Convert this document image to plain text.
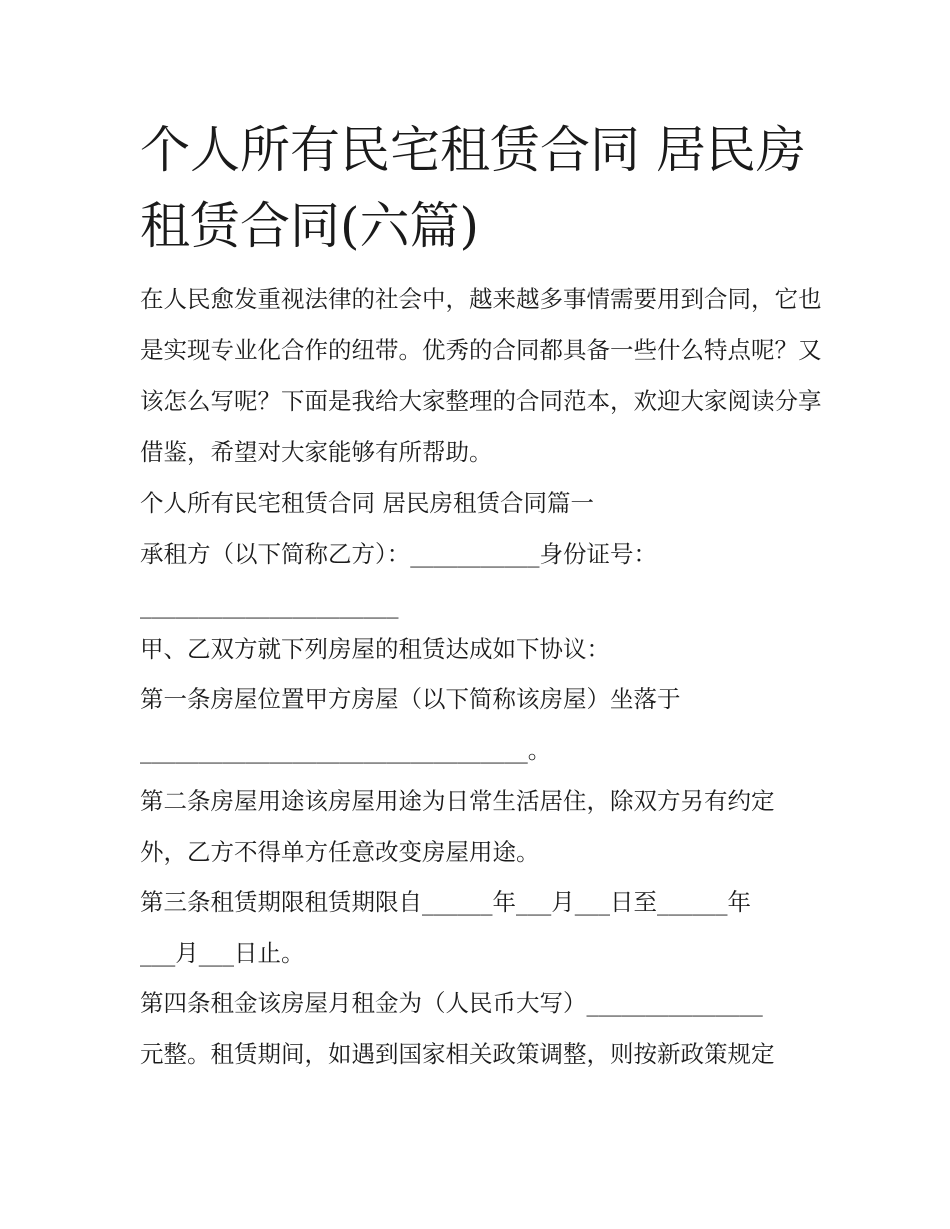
个人所有民宅租赁合同 居民房租赁合同(六篇)

在人民愈发重视法律的社会中，越来越多事情需要用到合同，它也是实现专业化合作的纽带。优秀的合同都具备一些什么特点呢？又该怎么写呢？下面是我给大家整理的合同范本，欢迎大家阅读分享借鉴，希望对大家能够有所帮助。

个人所有民宅租赁合同 居民房租赁合同篇一

承租方（以下简称乙方）：___________身份证号：

______________________

甲、乙双方就下列房屋的租赁达成如下协议：

第一条房屋位置甲方房屋（以下简称该房屋）坐落于

_________________________________。

第二条房屋用途该房屋用途为日常生活居住，除双方另有约定

外，乙方不得单方任意改变房屋用途。

第三条租赁期限租赁期限自______年___月___日至______年

___月___日止。

第四条租金该房屋月租金为（人民币大写）_______________

元整。租赁期间，如遇到国家相关政策调整，则按新政策规定
